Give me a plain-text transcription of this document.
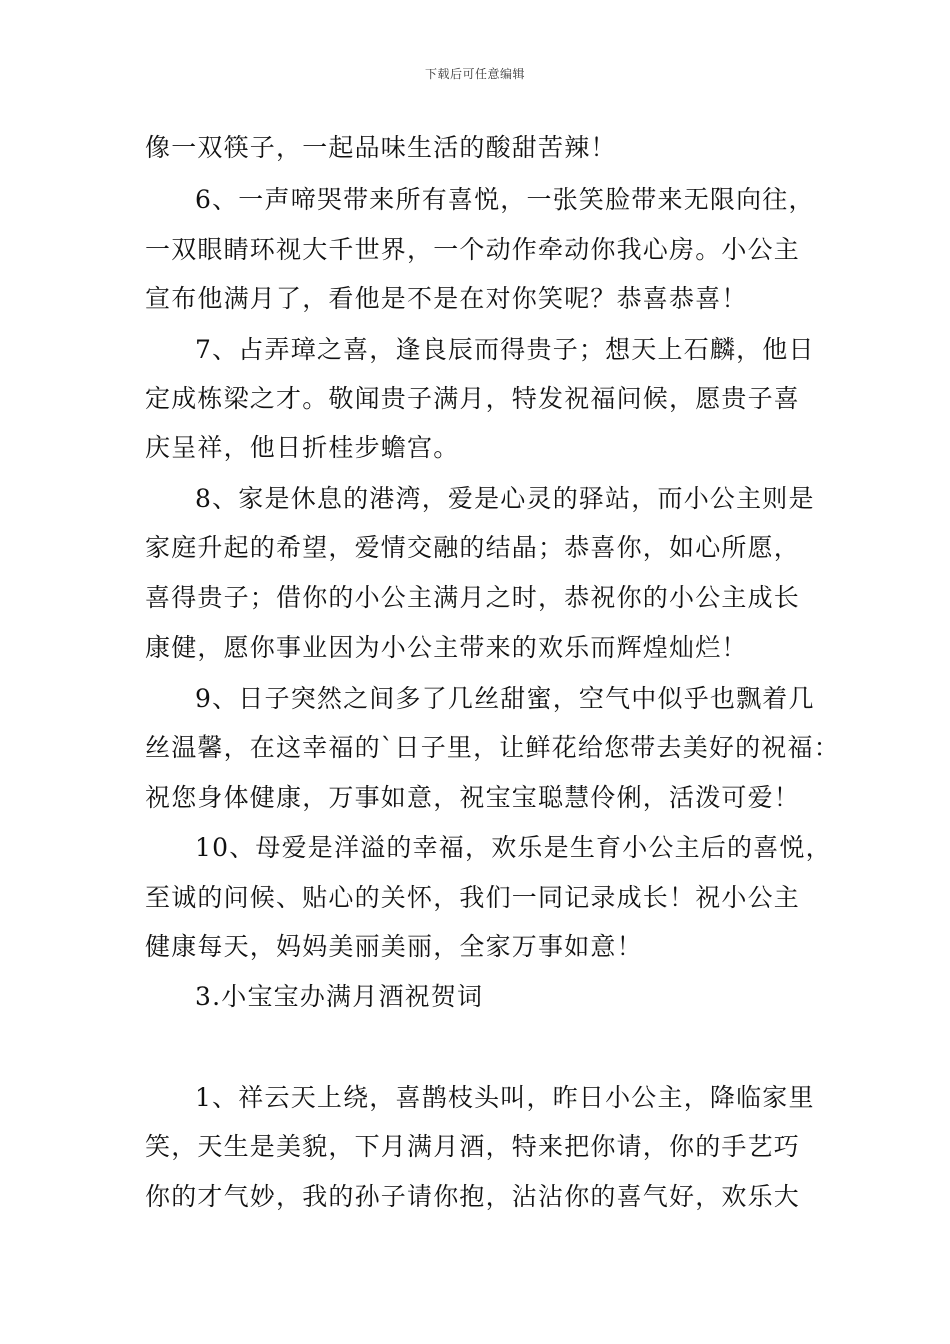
下载后可任意编辑
像一双筷子，一起品味生活的酸甜苦辣！
6、一声啼哭带来所有喜悦，一张笑脸带来无限向往，
一双眼睛环视大千世界，一个动作牵动你我心房。小公主
宣布他满月了，看他是不是在对你笑呢？恭喜恭喜！
7、占弄璋之喜，逢良辰而得贵子；想天上石麟，他日
定成栋梁之才。敬闻贵子满月，特发祝福问候，愿贵子喜
庆呈祥，他日折桂步蟾宫。
8、家是休息的港湾，爱是心灵的驿站，而小公主则是
家庭升起的希望，爱情交融的结晶；恭喜你，如心所愿，
喜得贵子；借你的小公主满月之时，恭祝你的小公主成长
康健，愿你事业因为小公主带来的欢乐而辉煌灿烂！
9、日子突然之间多了几丝甜蜜，空气中似乎也飘着几
丝温馨，在这幸福的`日子里，让鲜花给您带去美好的祝福：
祝您身体健康，万事如意，祝宝宝聪慧伶俐，活泼可爱！
10、母爱是洋溢的幸福，欢乐是生育小公主后的喜悦，
至诚的问候、贴心的关怀，我们一同记录成长！祝小公主
健康每天，妈妈美丽美丽，全家万事如意！
3.小宝宝办满月酒祝贺词
1、祥云天上绕，喜鹊枝头叫，昨日小公主，降临家里
笑，天生是美貌，下月满月酒，特来把你请，你的手艺巧
你的才气妙，我的孙子请你抱，沾沾你的喜气好，欢乐大
